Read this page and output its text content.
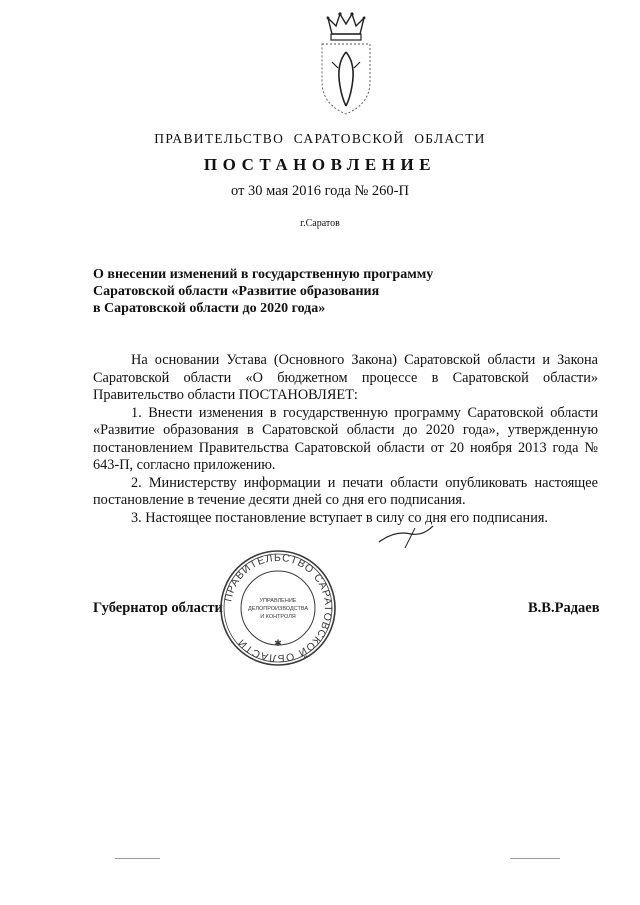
ПРАВИТЕЛЬСТВО САРАТОВСКОЙ ОБЛАСТИ
ПОСТАНОВЛЕНИЕ
от 30 мая 2016 года № 260-П
г.Саратов
О внесении изменений в государственную программу
Саратовской области «Развитие образования
в Саратовской области до 2020 года»

На основании Устава (Основного Закона) Саратовской области и Закона Саратовской области «О бюджетном процессе в Саратовской области» Правительство области ПОСТАНОВЛЯЕТ:

1. Внести изменения в государственную программу Саратовской области «Развитие образования в Саратовской области до 2020 года», утвержденную постановлением Правительства Саратовской области от 20 ноября 2013 года № 643-П, согласно приложению.

2. Министерству информации и печати области опубликовать настоящее постановление в течение десяти дней со дня его подписания.

3. Настоящее постановление вступает в силу со дня его подписания.

Губернатор области	В.В.Радаев
ПРАВИТЕЛЬСТВО САРАТОВСКОЙ ОБЛАСТИ
УПРАВЛЕНИЕ
ДЕЛОПРОИЗВОДСТВА
И КОНТРОЛЯ
✱
